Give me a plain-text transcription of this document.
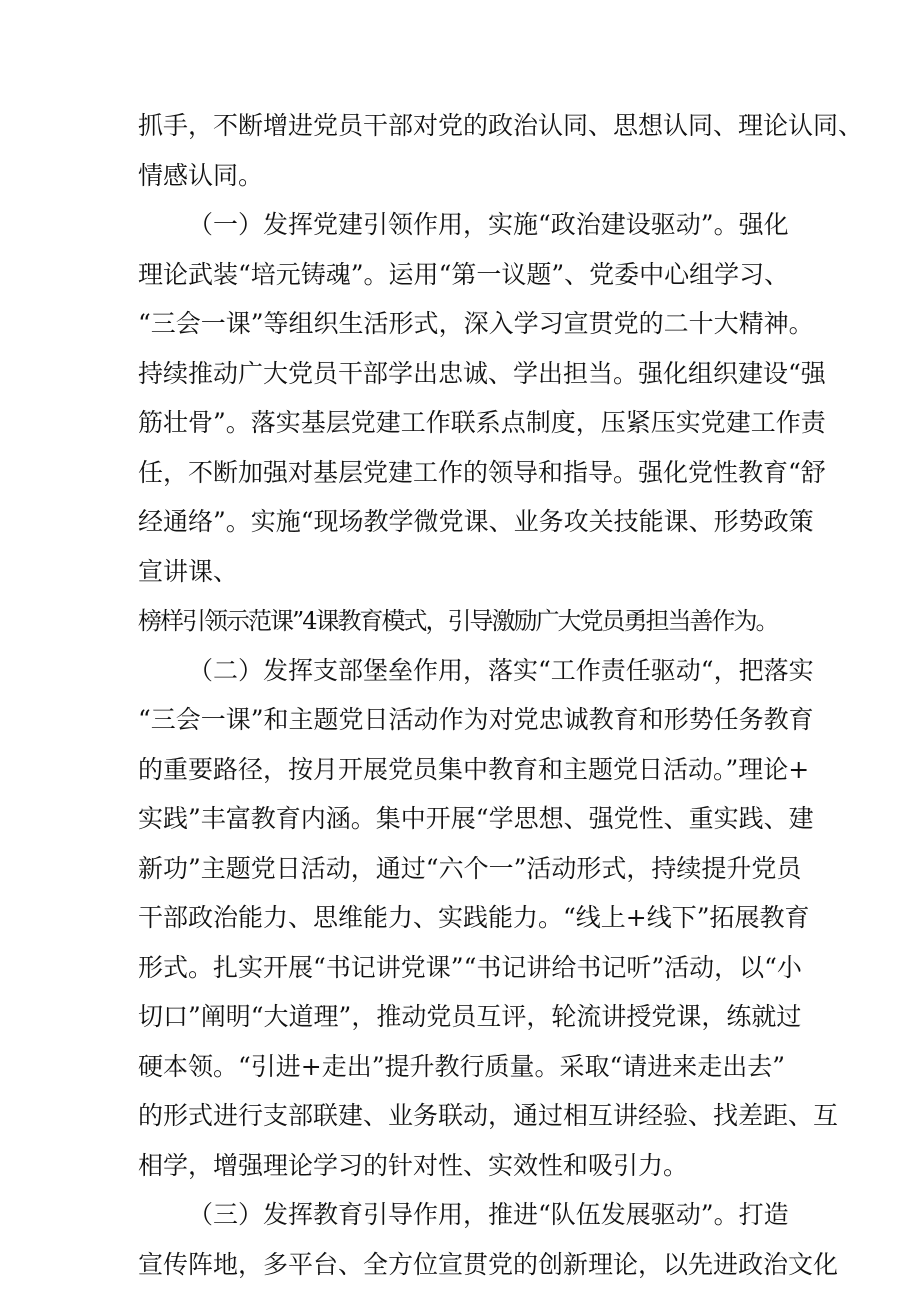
抓手，不断增进党员干部对党的政治认同、思想认同、理论认同、
情感认同。
（一）发挥党建引领作用，实施“政治建设驱动”。强化
理论武装“培元铸魂”。运用“第一议题”、党委中心组学习、
“三会一课”等组织生活形式，深入学习宣贯党的二十大精神。
持续推动广大党员干部学出忠诚、学出担当。强化组织建设“强
筋壮骨”。落实基层党建工作联系点制度，压紧压实党建工作责
任，不断加强对基层党建工作的领导和指导。强化党性教育“舒
经通络”。实施“现场教学微党课、业务攻关技能课、形势政策
宣讲课、
榜样引领示范课”4课教育模式，引导激励广大党员勇担当善作为。
（二）发挥支部堡垒作用，落实“工作责任驱动“，把落实
“三会一课”和主题党日活动作为对党忠诚教育和形势任务教育
的重要路径，按月开展党员集中教育和主题党日活动。”理论+
实践”丰富教育内涵。集中开展“学思想、强党性、重实践、建
新功”主题党日活动，通过“六个一”活动形式，持续提升党员
干部政治能力、思维能力、实践能力。“线上+线下”拓展教育
形式。扎实开展“书记讲党课”“书记讲给书记听”活动，以“小
切口”阐明“大道理”，推动党员互评，轮流讲授党课，练就过
硬本领。“引进+走出”提升教行质量。采取“请进来走出去”
的形式进行支部联建、业务联动，通过相互讲经验、找差距、互
相学，增强理论学习的针对性、实效性和吸引力。
（三）发挥教育引导作用，推进“队伍发展驱动”。打造
宣传阵地，多平台、全方位宣贯党的创新理论，以先进政治文化
